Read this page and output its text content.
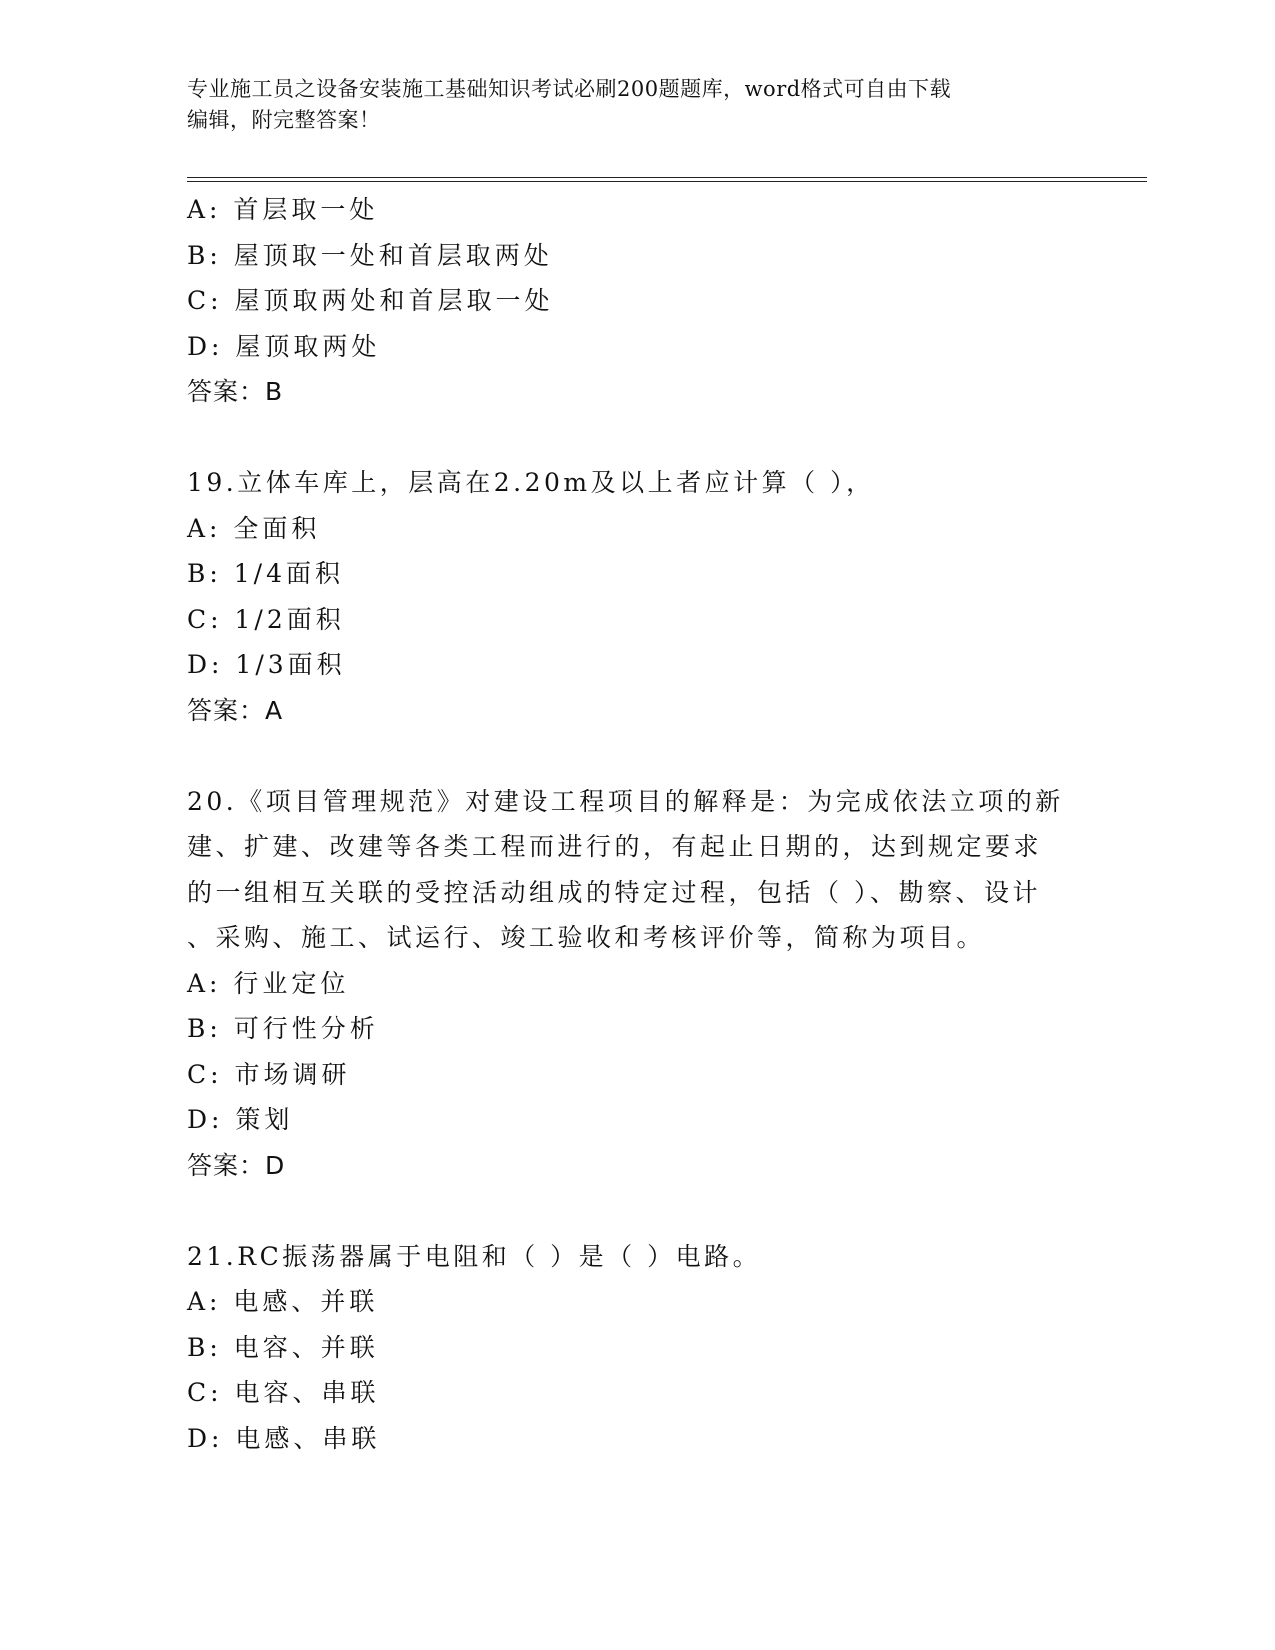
专业施工员之设备安装施工基础知识考试必刷200题题库，word格式可自由下载
编辑，附完整答案！
A: 首层取一处
B: 屋顶取一处和首层取两处
C: 屋顶取两处和首层取一处
D: 屋顶取两处
答案：B
19.立体车库上，层高在2.20m及以上者应计算（ ），
A: 全面积
B: 1/4面积
C: 1/2面积
D: 1/3面积
答案：A
20.《项目管理规范》对建设工程项目的解释是：为完成依法立项的新
建、扩建、改建等各类工程而进行的，有起止日期的，达到规定要求
的一组相互关联的受控活动组成的特定过程，包括（ ）、勘察、设计
、采购、施工、试运行、竣工验收和考核评价等，简称为项目。
A: 行业定位
B: 可行性分析
C: 市场调研
D: 策划
答案：D
21.RC振荡器属于电阻和（ ）是（ ）电路。
A: 电感、并联
B: 电容、并联
C: 电容、串联
D: 电感、串联
